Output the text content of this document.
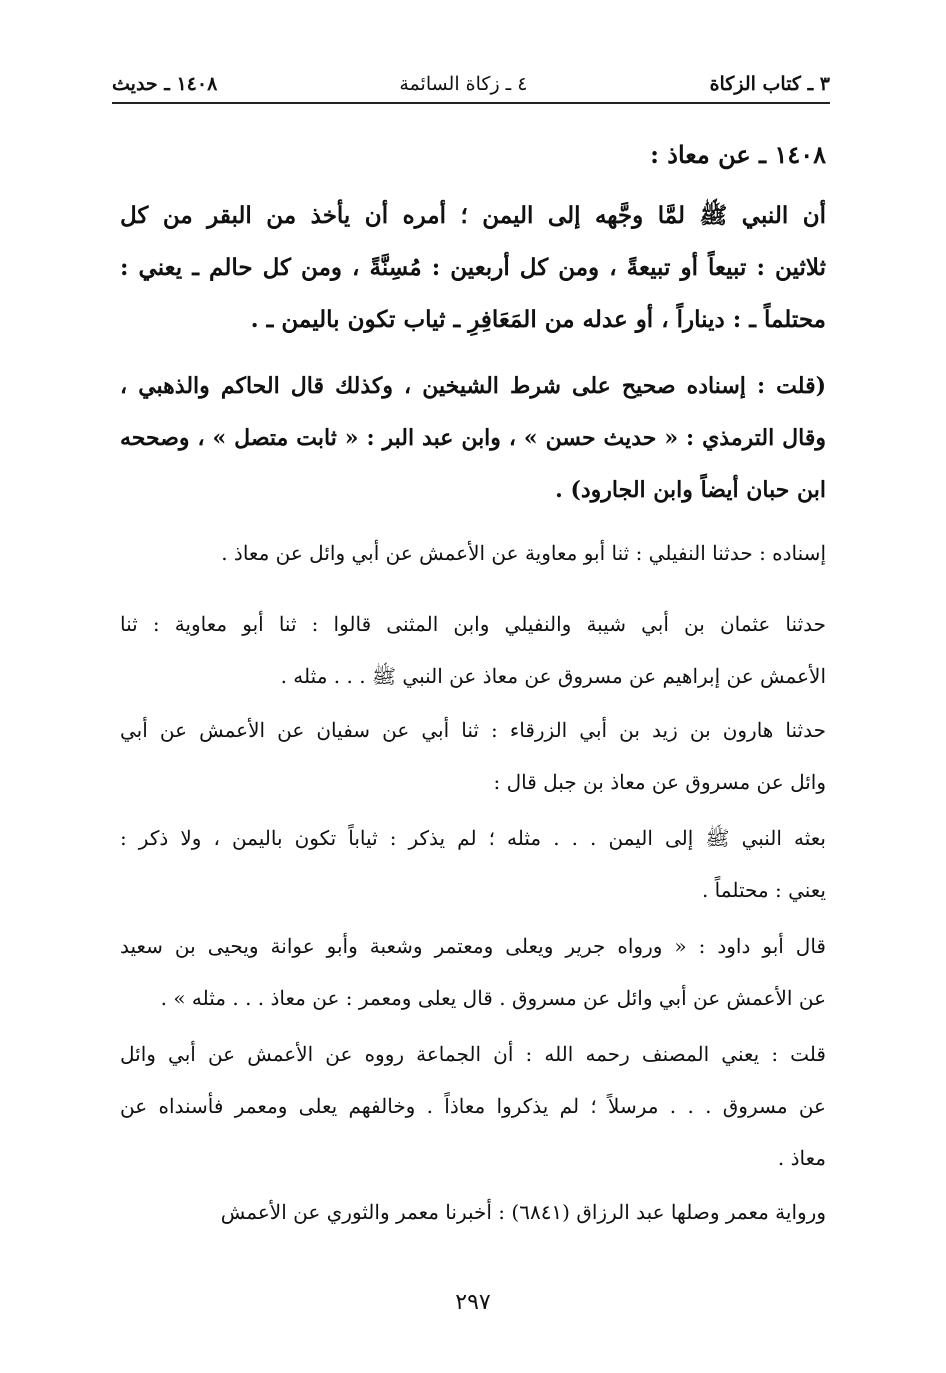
٣ ـ كتاب الزكاة
٤ ـ زكاة السائمة
١٤٠٨ ـ حديث
١٤٠٨ ـ عن معاذ :

أن النبي ﷺ لمَّا وجَّهه إلى اليمن ؛ أمره أن يأخذ من البقر من كل

ثلاثين : تبيعاً أو تبيعةً ، ومن كل أربعين : مُسِنَّةً ، ومن كل حالم ـ يعني :

محتلماً ـ : ديناراً ، أو عدله من المَعَافِرِ ـ ثياب تكون باليمن ـ .

(قلت : إسناده صحيح على شرط الشيخين ، وكذلك قال الحاكم والذهبي ،

وقال الترمذي : « حديث حسن » ، وابن عبد البر : « ثابت متصل » ، وصححه

ابن حبان أيضاً وابن الجارود) .

إسناده : حدثنا النفيلي : ثنا أبو معاوية عن الأعمش عن أبي وائل عن معاذ .

حدثنا عثمان بن أبي شيبة والنفيلي وابن المثنى قالوا : ثنا أبو معاوية : ثنا

الأعمش عن إبراهيم عن مسروق عن معاذ عن النبي ﷺ . . . مثله .

حدثنا هارون بن زيد بن أبي الزرقاء : ثنا أبي عن سفيان عن الأعمش عن أبي

وائل عن مسروق عن معاذ بن جبل قال :

بعثه النبي ﷺ إلى اليمن . . . مثله ؛ لم يذكر : ثياباً تكون باليمن ، ولا ذكر :

يعني : محتلماً .

قال أبو داود : « ورواه جرير ويعلى ومعتمر وشعبة وأبو عوانة ويحيى بن سعيد

عن الأعمش عن أبي وائل عن مسروق . قال يعلى ومعمر : عن معاذ . . . مثله » .

قلت : يعني المصنف رحمه الله : أن الجماعة رووه عن الأعمش عن أبي وائل

عن مسروق . . . مرسلاً ؛ لم يذكروا معاذاً . وخالفهم يعلى ومعمر فأسنداه عن

معاذ .

ورواية معمر وصلها عبد الرزاق (٦٨٤١) : أخبرنا معمر والثوري عن الأعمش

٢٩٧
